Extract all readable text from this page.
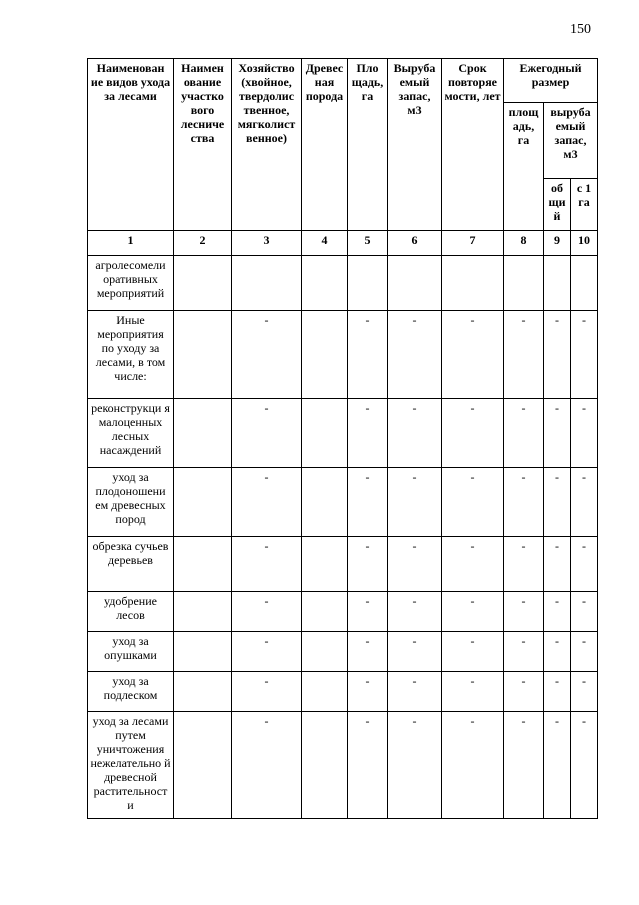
150
Наименован ие видов ухода за лесами	Наимен ование участко вого лесниче ства	Хозяйство (хвойное, твердолис твенное, мягколист венное)	Древес ная порода	Пло щадь, га	Выруба емый запас, м3	Срок повторяе мости, лет	Ежегодный размер		
							площ адь, га	выруба емый запас, м3	
								об щи й	с 1 га
1	2	3	4	5	6	7	8	9	10
агролесомели оративных мероприятий									
Иные мероприятия по уходу за лесами, в том числе:		-		-	-	-	-	-	-
реконструкци я малоценных лесных насаждений		-		-	-	-	-	-	-
уход за плодоношени ем древесных пород		-		-	-	-	-	-	-
обрезка сучьев деревьев		-		-	-	-	-	-	-
удобрение лесов		-		-	-	-	-	-	-
уход за опушками		-		-	-	-	-	-	-
уход за подлеском		-		-	-	-	-	-	-
уход за лесами путем уничтожения нежелательно й древесной растительност и		-		-	-	-	-	-	-
